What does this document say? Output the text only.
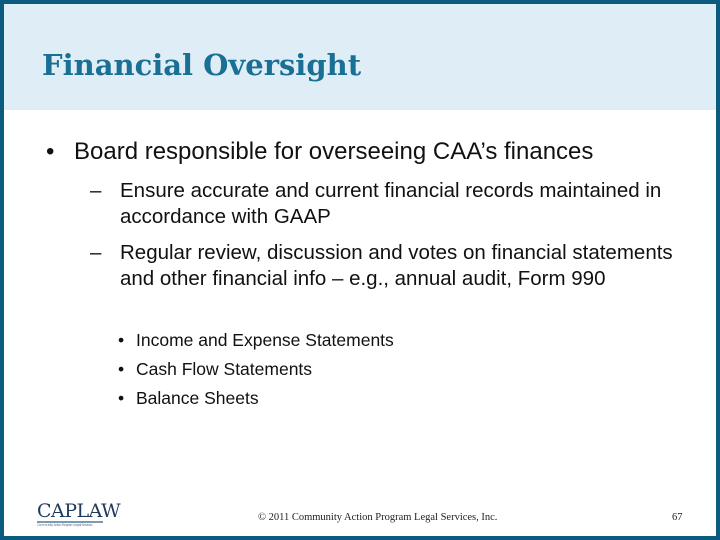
Financial Oversight
• Board responsible for overseeing CAA’s finances
– Ensure accurate and current financial records maintained in accordance with GAAP
– Regular review, discussion and votes on financial statements and other financial info – e.g., annual audit, Form 990
• Income and Expense Statements
• Cash Flow Statements
• Balance Sheets
CAPLAW
Community Action Program Legal Services
© 2011 Community Action Program Legal Services, Inc.	67
